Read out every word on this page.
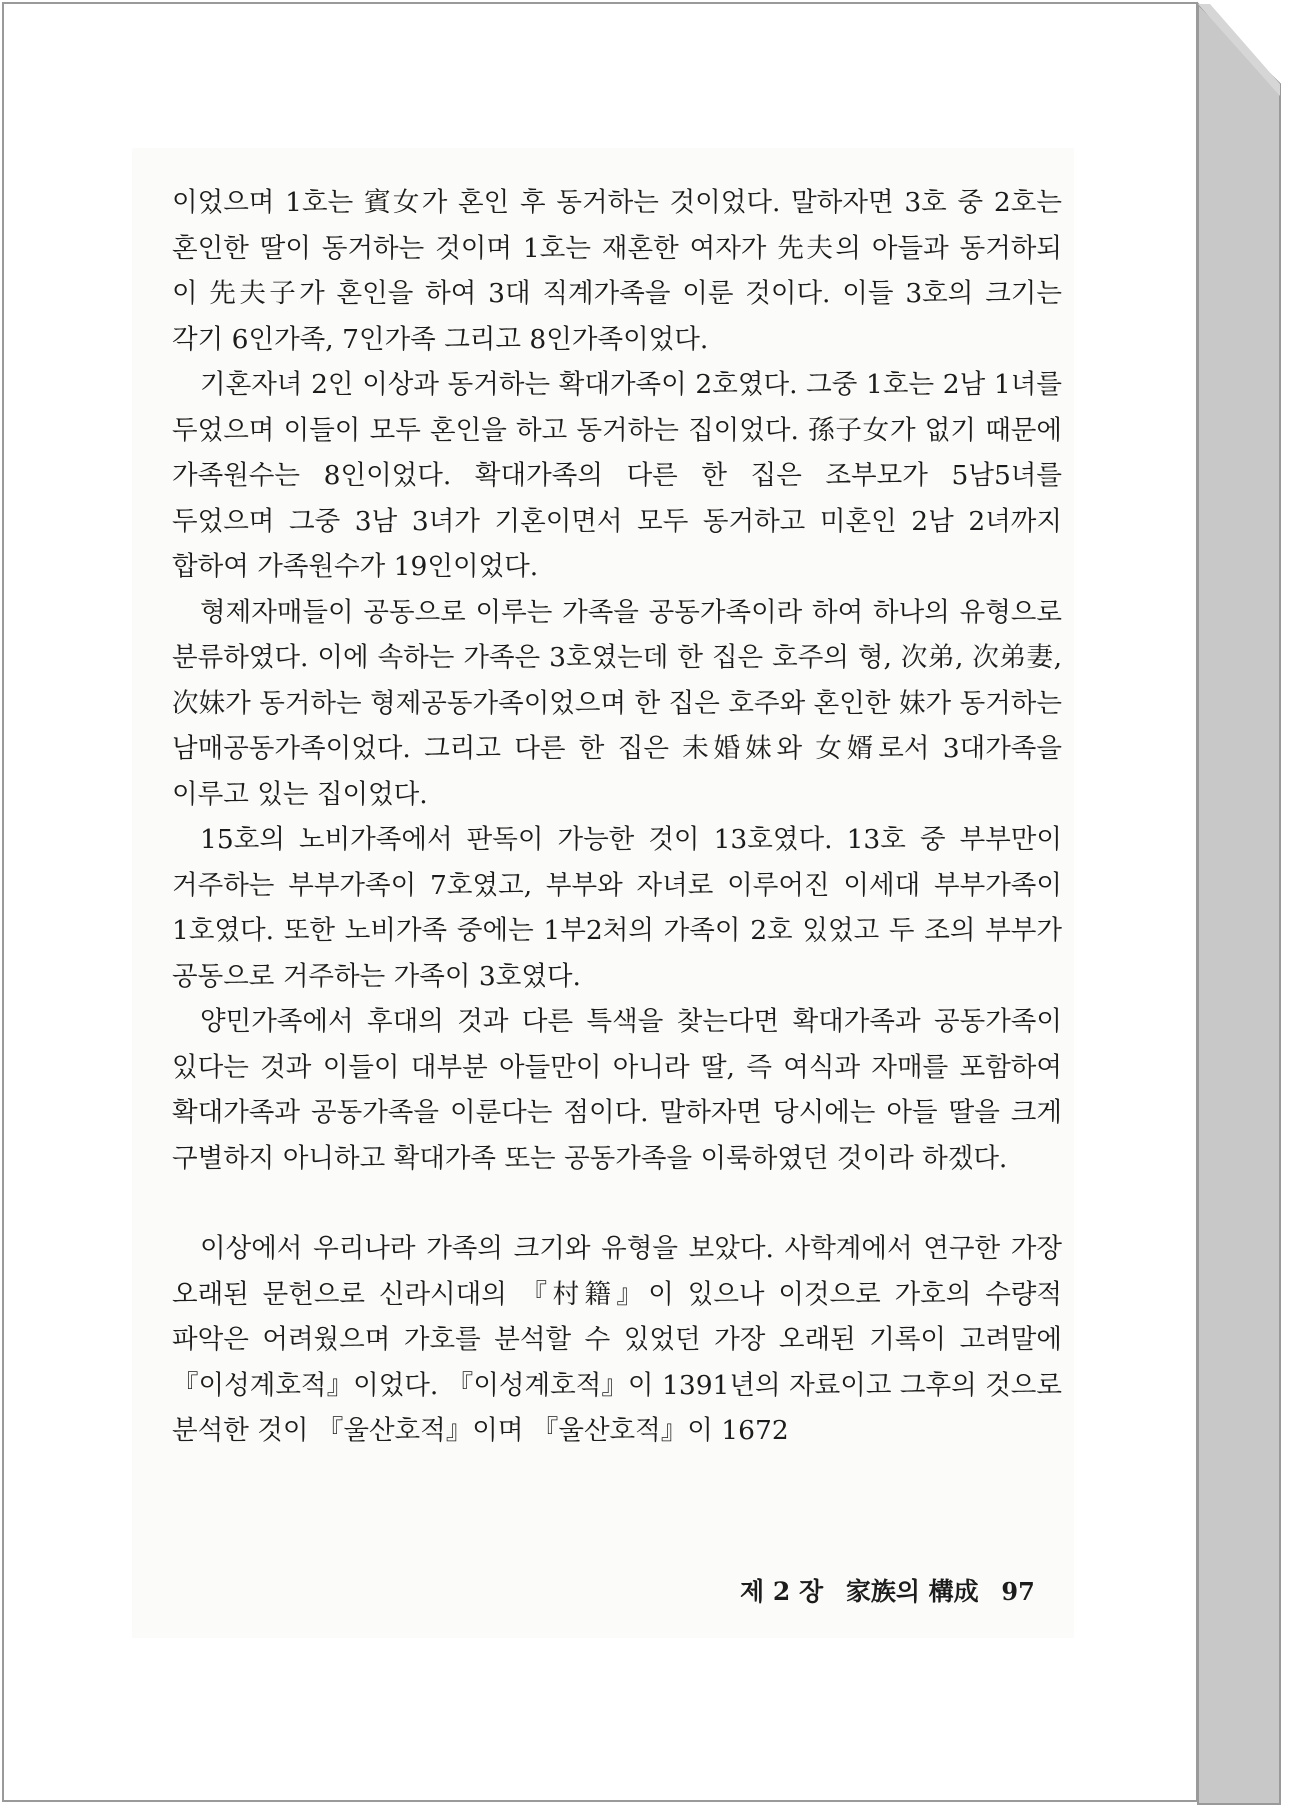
이었으며 1호는 賓女가 혼인 후 동거하는 것이었다. 말하자면 3호 중 2호는 혼인한 딸이 동거하는 것이며 1호는 재혼한 여자가 先夫의 아들과 동거하되 이 先夫子가 혼인을 하여 3대 직계가족을 이룬 것이다. 이들 3호의 크기는 각기 6인가족, 7인가족 그리고 8인가족이었다.

기혼자녀 2인 이상과 동거하는 확대가족이 2호였다. 그중 1호는 2남 1녀를 두었으며 이들이 모두 혼인을 하고 동거하는 집이었다. 孫子女가 없기 때문에 가족원수는 8인이었다. 확대가족의 다른 한 집은 조부모가 5남5녀를 두었으며 그중 3남 3녀가 기혼이면서 모두 동거하고 미혼인 2남 2녀까지 합하여 가족원수가 19인이었다.

형제자매들이 공동으로 이루는 가족을 공동가족이라 하여 하나의 유형으로 분류하였다. 이에 속하는 가족은 3호였는데 한 집은 호주의 형, 次弟, 次弟妻, 次妹가 동거하는 형제공동가족이었으며 한 집은 호주와 혼인한 妹가 동거하는 남매공동가족이었다. 그리고 다른 한 집은 未婚妹와 女婿로서 3대가족을 이루고 있는 집이었다.

15호의 노비가족에서 판독이 가능한 것이 13호였다. 13호 중 부부만이 거주하는 부부가족이 7호였고, 부부와 자녀로 이루어진 이세대 부부가족이 1호였다. 또한 노비가족 중에는 1부2처의 가족이 2호 있었고 두 조의 부부가 공동으로 거주하는 가족이 3호였다.

양민가족에서 후대의 것과 다른 특색을 찾는다면 확대가족과 공동가족이 있다는 것과 이들이 대부분 아들만이 아니라 딸, 즉 여식과 자매를 포함하여 확대가족과 공동가족을 이룬다는 점이다. 말하자면 당시에는 아들 딸을 크게 구별하지 아니하고 확대가족 또는 공동가족을 이룩하였던 것이라 하겠다.

이상에서 우리나라 가족의 크기와 유형을 보았다. 사학계에서 연구한 가장 오래된 문헌으로 신라시대의 『村籍』이 있으나 이것으로 가호의 수량적 파악은 어려웠으며 가호를 분석할 수 있었던 가장 오래된 기록이 고려말에 『이성계호적』이었다. 『이성계호적』이 1391년의 자료이고 그후의 것으로 분석한 것이 『울산호적』이며 『울산호적』이 1672

제 2 장 家族의 構成 97
